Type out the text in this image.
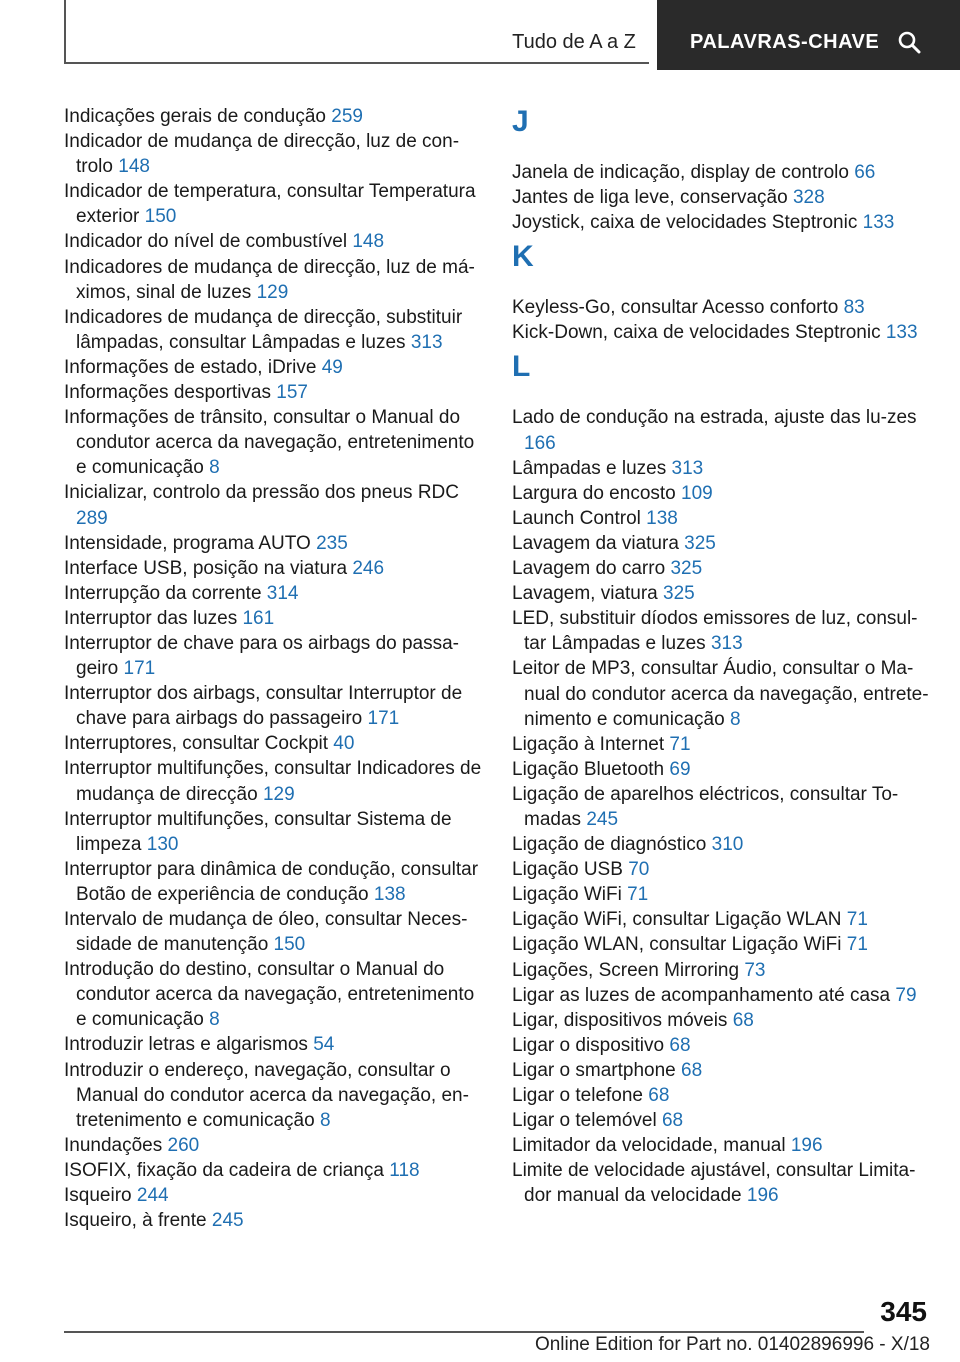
Tudo de A a Z	PALAVRAS-CHAVE
Indicações gerais de condução 259
Indicador de mudança de direcção, luz de con-trolo 148
Indicador de temperatura, consultar Temperatura exterior 150
Indicador do nível de combustível 148
Indicadores de mudança de direcção, luz de má-ximos, sinal de luzes 129
Indicadores de mudança de direcção, substituir lâmpadas, consultar Lâmpadas e luzes 313
Informações de estado, iDrive 49
Informações desportivas 157
Informações de trânsito, consultar o Manual do condutor acerca da navegação, entretenimento e comunicação 8
Inicializar, controlo da pressão dos pneus RDC 289
Intensidade, programa AUTO 235
Interface USB, posição na viatura 246
Interrupção da corrente 314
Interruptor das luzes 161
Interruptor de chave para os airbags do passa-geiro 171
Interruptor dos airbags, consultar Interruptor de chave para airbags do passageiro 171
Interruptores, consultar Cockpit 40
Interruptor multifunções, consultar Indicadores de mudança de direcção 129
Interruptor multifunções, consultar Sistema de limpeza 130
Interruptor para dinâmica de condução, consultar Botão de experiência de condução 138
Intervalo de mudança de óleo, consultar Neces-sidade de manutenção 150
Introdução do destino, consultar o Manual do condutor acerca da navegação, entretenimento e comunicação 8
Introduzir letras e algarismos 54
Introduzir o endereço, navegação, consultar o Manual do condutor acerca da navegação, en-tretenimento e comunicação 8
Inundações 260
ISOFIX, fixação da cadeira de criança 118
Isqueiro 244
Isqueiro, à frente 245
J
Janela de indicação, display de controlo 66
Jantes de liga leve, conservação 328
Joystick, caixa de velocidades Steptronic 133
K
Keyless-Go, consultar Acesso conforto 83
Kick-Down, caixa de velocidades Steptronic 133
L
Lado de condução na estrada, ajuste das lu-zes 166
Lâmpadas e luzes 313
Largura do encosto 109
Launch Control 138
Lavagem da viatura 325
Lavagem do carro 325
Lavagem, viatura 325
LED, substituir díodos emissores de luz, consul-tar Lâmpadas e luzes 313
Leitor de MP3, consultar Áudio, consultar o Ma-nual do condutor acerca da navegação, entrete-nimento e comunicação 8
Ligação à Internet 71
Ligação Bluetooth 69
Ligação de aparelhos eléctricos, consultar To-madas 245
Ligação de diagnóstico 310
Ligação USB 70
Ligação WiFi 71
Ligação WiFi, consultar Ligação WLAN 71
Ligação WLAN, consultar Ligação WiFi 71
Ligações, Screen Mirroring 73
Ligar as luzes de acompanhamento até casa 79
Ligar, dispositivos móveis 68
Ligar o dispositivo 68
Ligar o smartphone 68
Ligar o telefone 68
Ligar o telemóvel 68
Limitador da velocidade, manual 196
Limite de velocidade ajustável, consultar Limita-dor manual da velocidade 196
345
Online Edition for Part no. 01402896996 - X/18
